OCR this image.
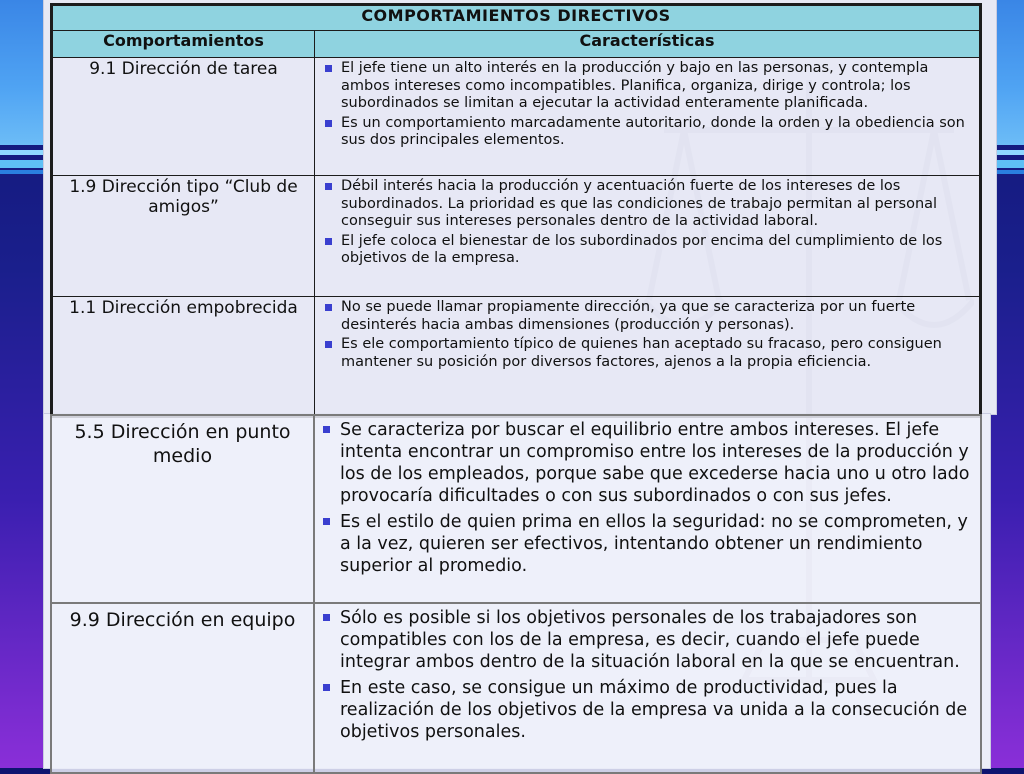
COMPORTAMIENTOS DIRECTIVOS	
Comportamientos	Características
9.1 Dirección de tarea	El jefe tiene un alto interés en la producción y bajo en las personas, y contempla ambos intereses como incompatibles. Planifica, organiza, dirige y controla; los subordinados se limitan a ejecutar la actividad enteramente planificada.
Es un comportamiento marcadamente autoritario, donde la orden y la obediencia son sus dos principales elementos.

1.9 Dirección tipo “Club de amigos”	Débil interés hacia la producción y acentuación fuerte de los intereses de los subordinados. La prioridad es que las condiciones de trabajo permitan al personal conseguir sus intereses personales dentro de la actividad laboral.
El jefe coloca el bienestar de los subordinados por encima del cumplimiento de los objetivos de la empresa.

1.1 Dirección empobrecida	No se puede llamar propiamente dirección, ya que se caracteriza por un fuerte desinterés hacia ambas dimensiones (producción y personas).
Es ele comportamiento típico de quienes han aceptado su fracaso, pero consiguen mantener su posición por diversos factores, ajenos a la propia eficiencia.
5.5 Dirección en punto medio	Se caracteriza por buscar el equilibrio entre ambos intereses. El jefe intenta encontrar un compromiso entre los intereses de la producción y los de los empleados, porque sabe que excederse hacia uno u otro lado provocaría dificultades o con sus subordinados o con sus jefes.
Es el estilo de quien prima en ellos la seguridad: no se comprometen, y a la vez, quieren ser efectivos, intentando obtener un rendimiento superior al promedio.

9.9 Dirección en equipo	Sólo es posible si los objetivos personales de los trabajadores son compatibles con los de la empresa, es decir, cuando el jefe puede integrar ambos dentro de la situación laboral en la que se encuentran.
En este caso, se consigue un máximo de productividad, pues la realización de los objetivos de la empresa va unida a la consecución de objetivos personales.
